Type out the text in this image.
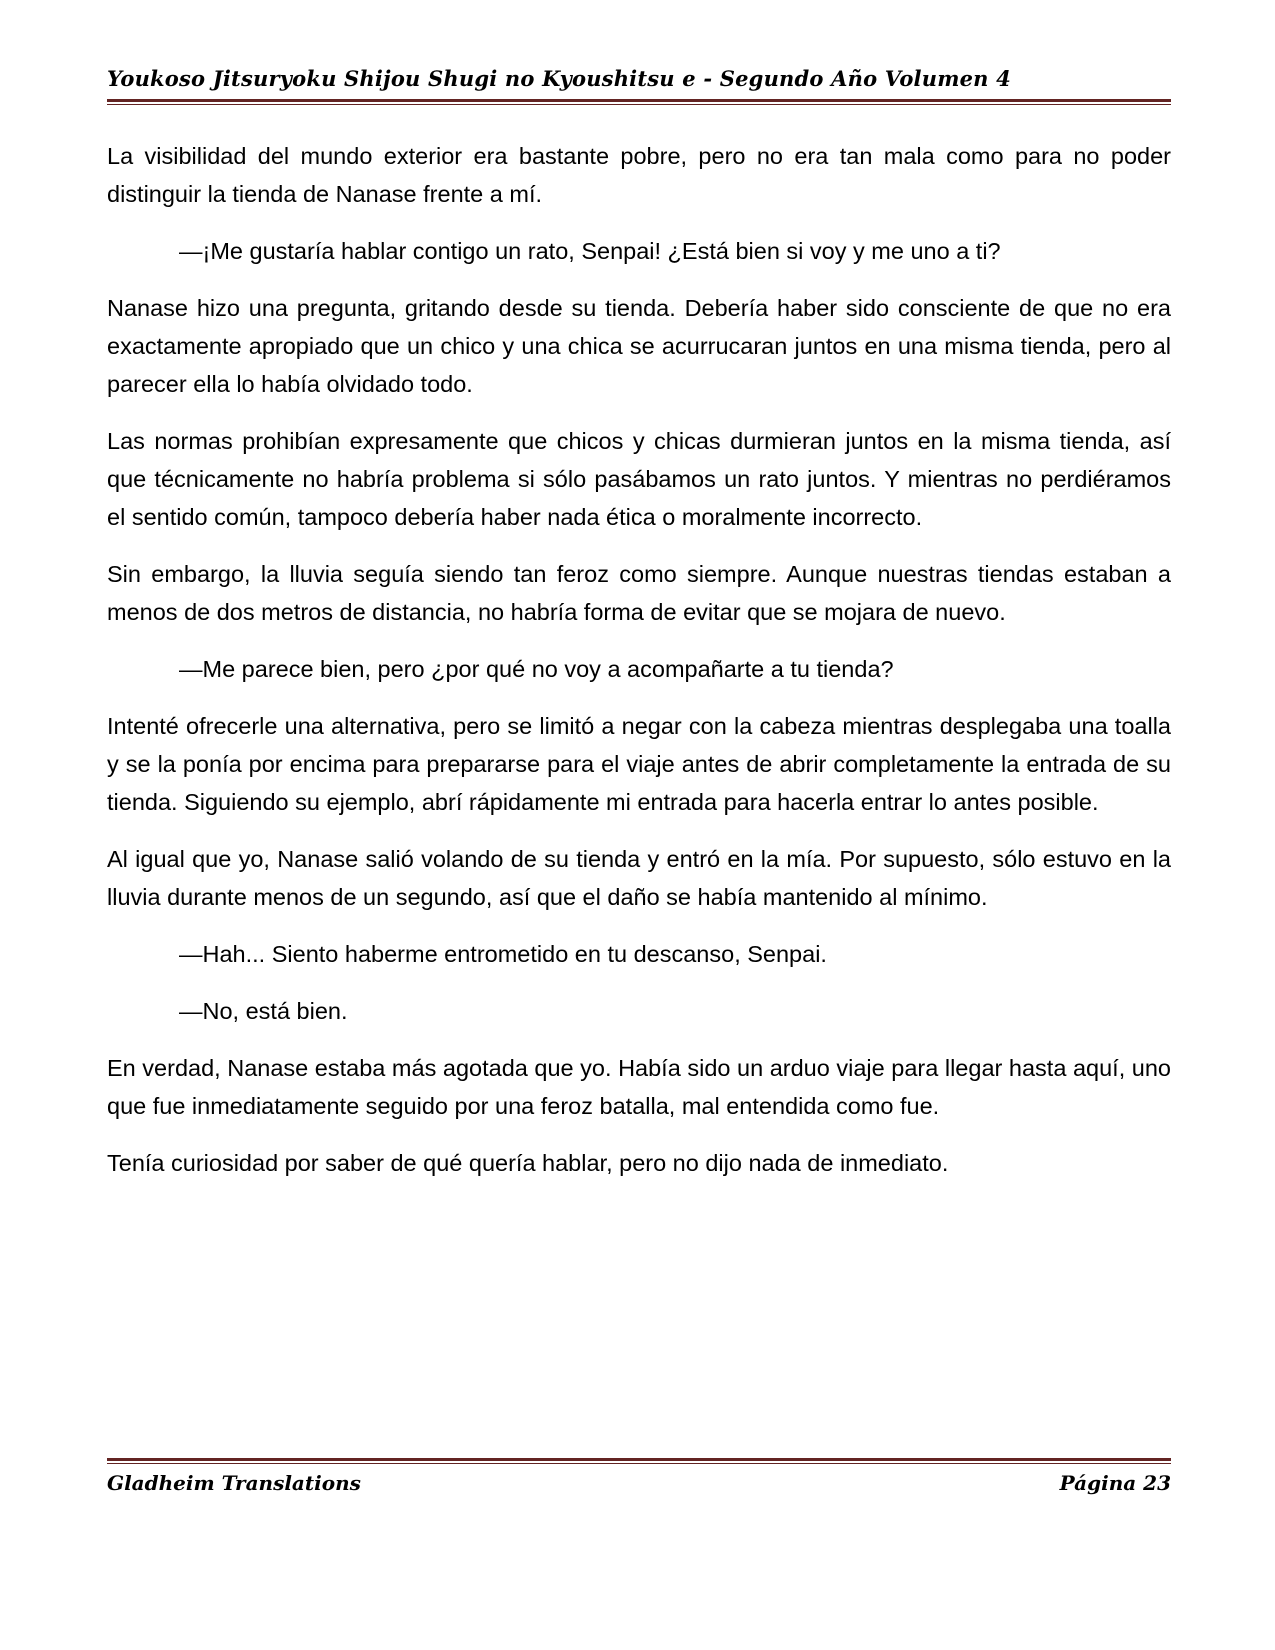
Youkoso Jitsuryoku Shijou Shugi no Kyoushitsu e - Segundo Año Volumen 4

La visibilidad del mundo exterior era bastante pobre, pero no era tan mala como para no poder distinguir la tienda de Nanase frente a mí.

—¡Me gustaría hablar contigo un rato, Senpai! ¿Está bien si voy y me uno a ti?

Nanase hizo una pregunta, gritando desde su tienda. Debería haber sido consciente de que no era exactamente apropiado que un chico y una chica se acurrucaran juntos en una misma tienda, pero al parecer ella lo había olvidado todo.

Las normas prohibían expresamente que chicos y chicas durmieran juntos en la misma tienda, así que técnicamente no habría problema si sólo pasábamos un rato juntos. Y mientras no perdiéramos el sentido común, tampoco debería haber nada ética o moralmente incorrecto.

Sin embargo, la lluvia seguía siendo tan feroz como siempre. Aunque nuestras tiendas estaban a menos de dos metros de distancia, no habría forma de evitar que se mojara de nuevo.

—Me parece bien, pero ¿por qué no voy a acompañarte a tu tienda?

Intenté ofrecerle una alternativa, pero se limitó a negar con la cabeza mientras desplegaba una toalla y se la ponía por encima para prepararse para el viaje antes de abrir completamente la entrada de su tienda. Siguiendo su ejemplo, abrí rápidamente mi entrada para hacerla entrar lo antes posible.

Al igual que yo, Nanase salió volando de su tienda y entró en la mía. Por supuesto, sólo estuvo en la lluvia durante menos de un segundo, así que el daño se había mantenido al mínimo.

—Hah... Siento haberme entrometido en tu descanso, Senpai.

—No, está bien.

En verdad, Nanase estaba más agotada que yo. Había sido un arduo viaje para llegar hasta aquí, uno que fue inmediatamente seguido por una feroz batalla, mal entendida como fue.

Tenía curiosidad por saber de qué quería hablar, pero no dijo nada de inmediato.

Gladheim Translations	Página 23
